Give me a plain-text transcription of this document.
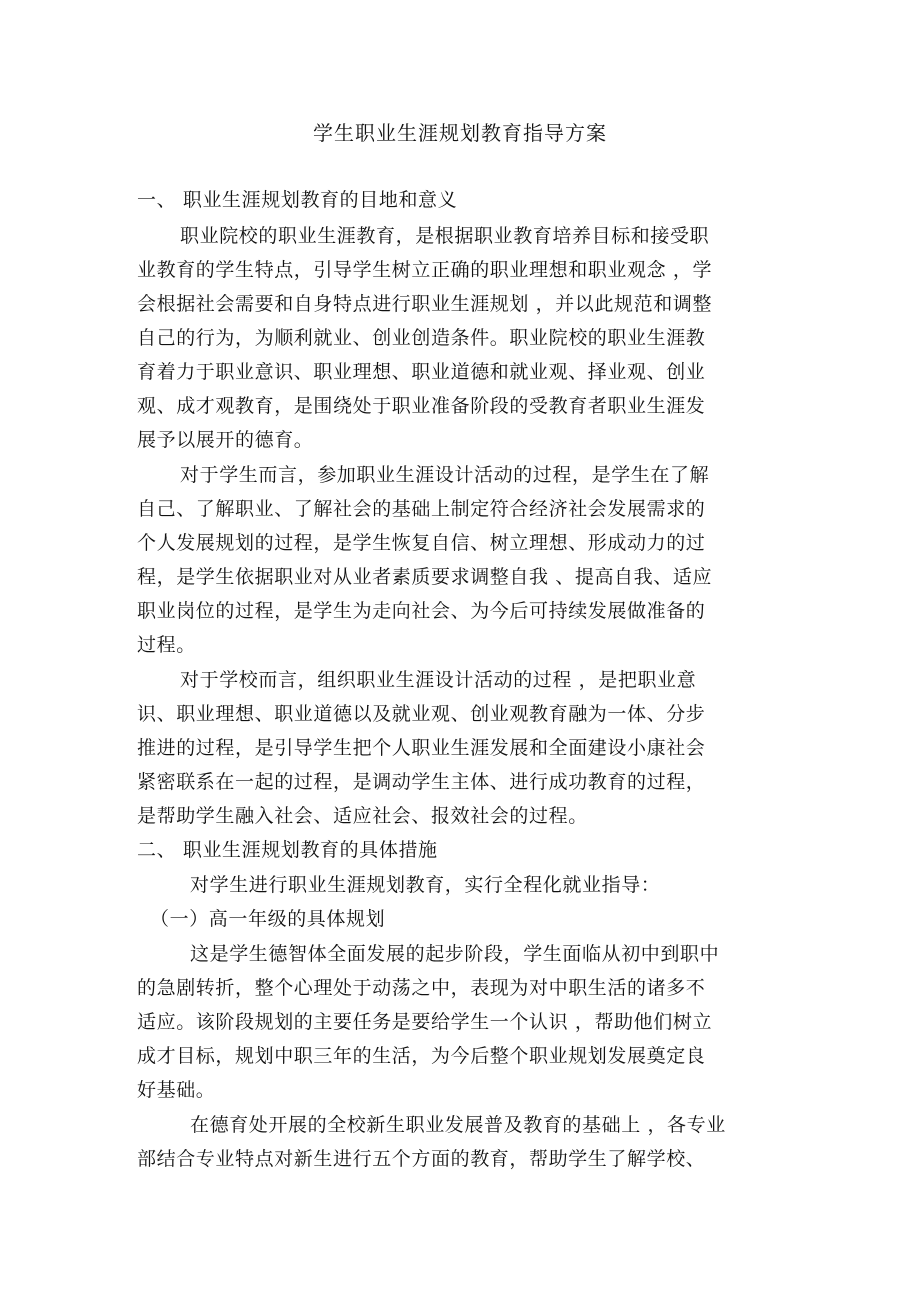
学生职业生涯规划教育指导方案
一、 职业生涯规划教育的目地和意义
职业院校的职业生涯教育，是根据职业教育培养目标和接受职
业教育的学生特点，引导学生树立正确的职业理想和职业观念 ，学
会根据社会需要和自身特点进行职业生涯规划 ，并以此规范和调整
自己的行为，为顺利就业、创业创造条件。职业院校的职业生涯教
育着力于职业意识、职业理想、职业道德和就业观、择业观、创业
观、成才观教育，是围绕处于职业准备阶段的受教育者职业生涯发
展予以展开的德育。
对于学生而言，参加职业生涯设计活动的过程，是学生在了解
自己、了解职业、了解社会的基础上制定符合经济社会发展需求的
个人发展规划的过程，是学生恢复自信、树立理想、形成动力的过
程，是学生依据职业对从业者素质要求调整自我 、提高自我、适应
职业岗位的过程，是学生为走向社会、为今后可持续发展做准备的
过程。
对于学校而言，组织职业生涯设计活动的过程 ，是把职业意
识、职业理想、职业道德以及就业观、创业观教育融为一体、分步
推进的过程，是引导学生把个人职业生涯发展和全面建设小康社会
紧密联系在一起的过程，是调动学生主体、进行成功教育的过程，
是帮助学生融入社会、适应社会、报效社会的过程。
二、 职业生涯规划教育的具体措施
对学生进行职业生涯规划教育，实行全程化就业指导：
（一）高一年级的具体规划
这是学生德智体全面发展的起步阶段，学生面临从初中到职中
的急剧转折，整个心理处于动荡之中，表现为对中职生活的诸多不
适应。该阶段规划的主要任务是要给学生一个认识 ，帮助他们树立
成才目标，规划中职三年的生活，为今后整个职业规划发展奠定良
好基础。
在德育处开展的全校新生职业发展普及教育的基础上 ，各专业
部结合专业特点对新生进行五个方面的教育，帮助学生了解学校、
